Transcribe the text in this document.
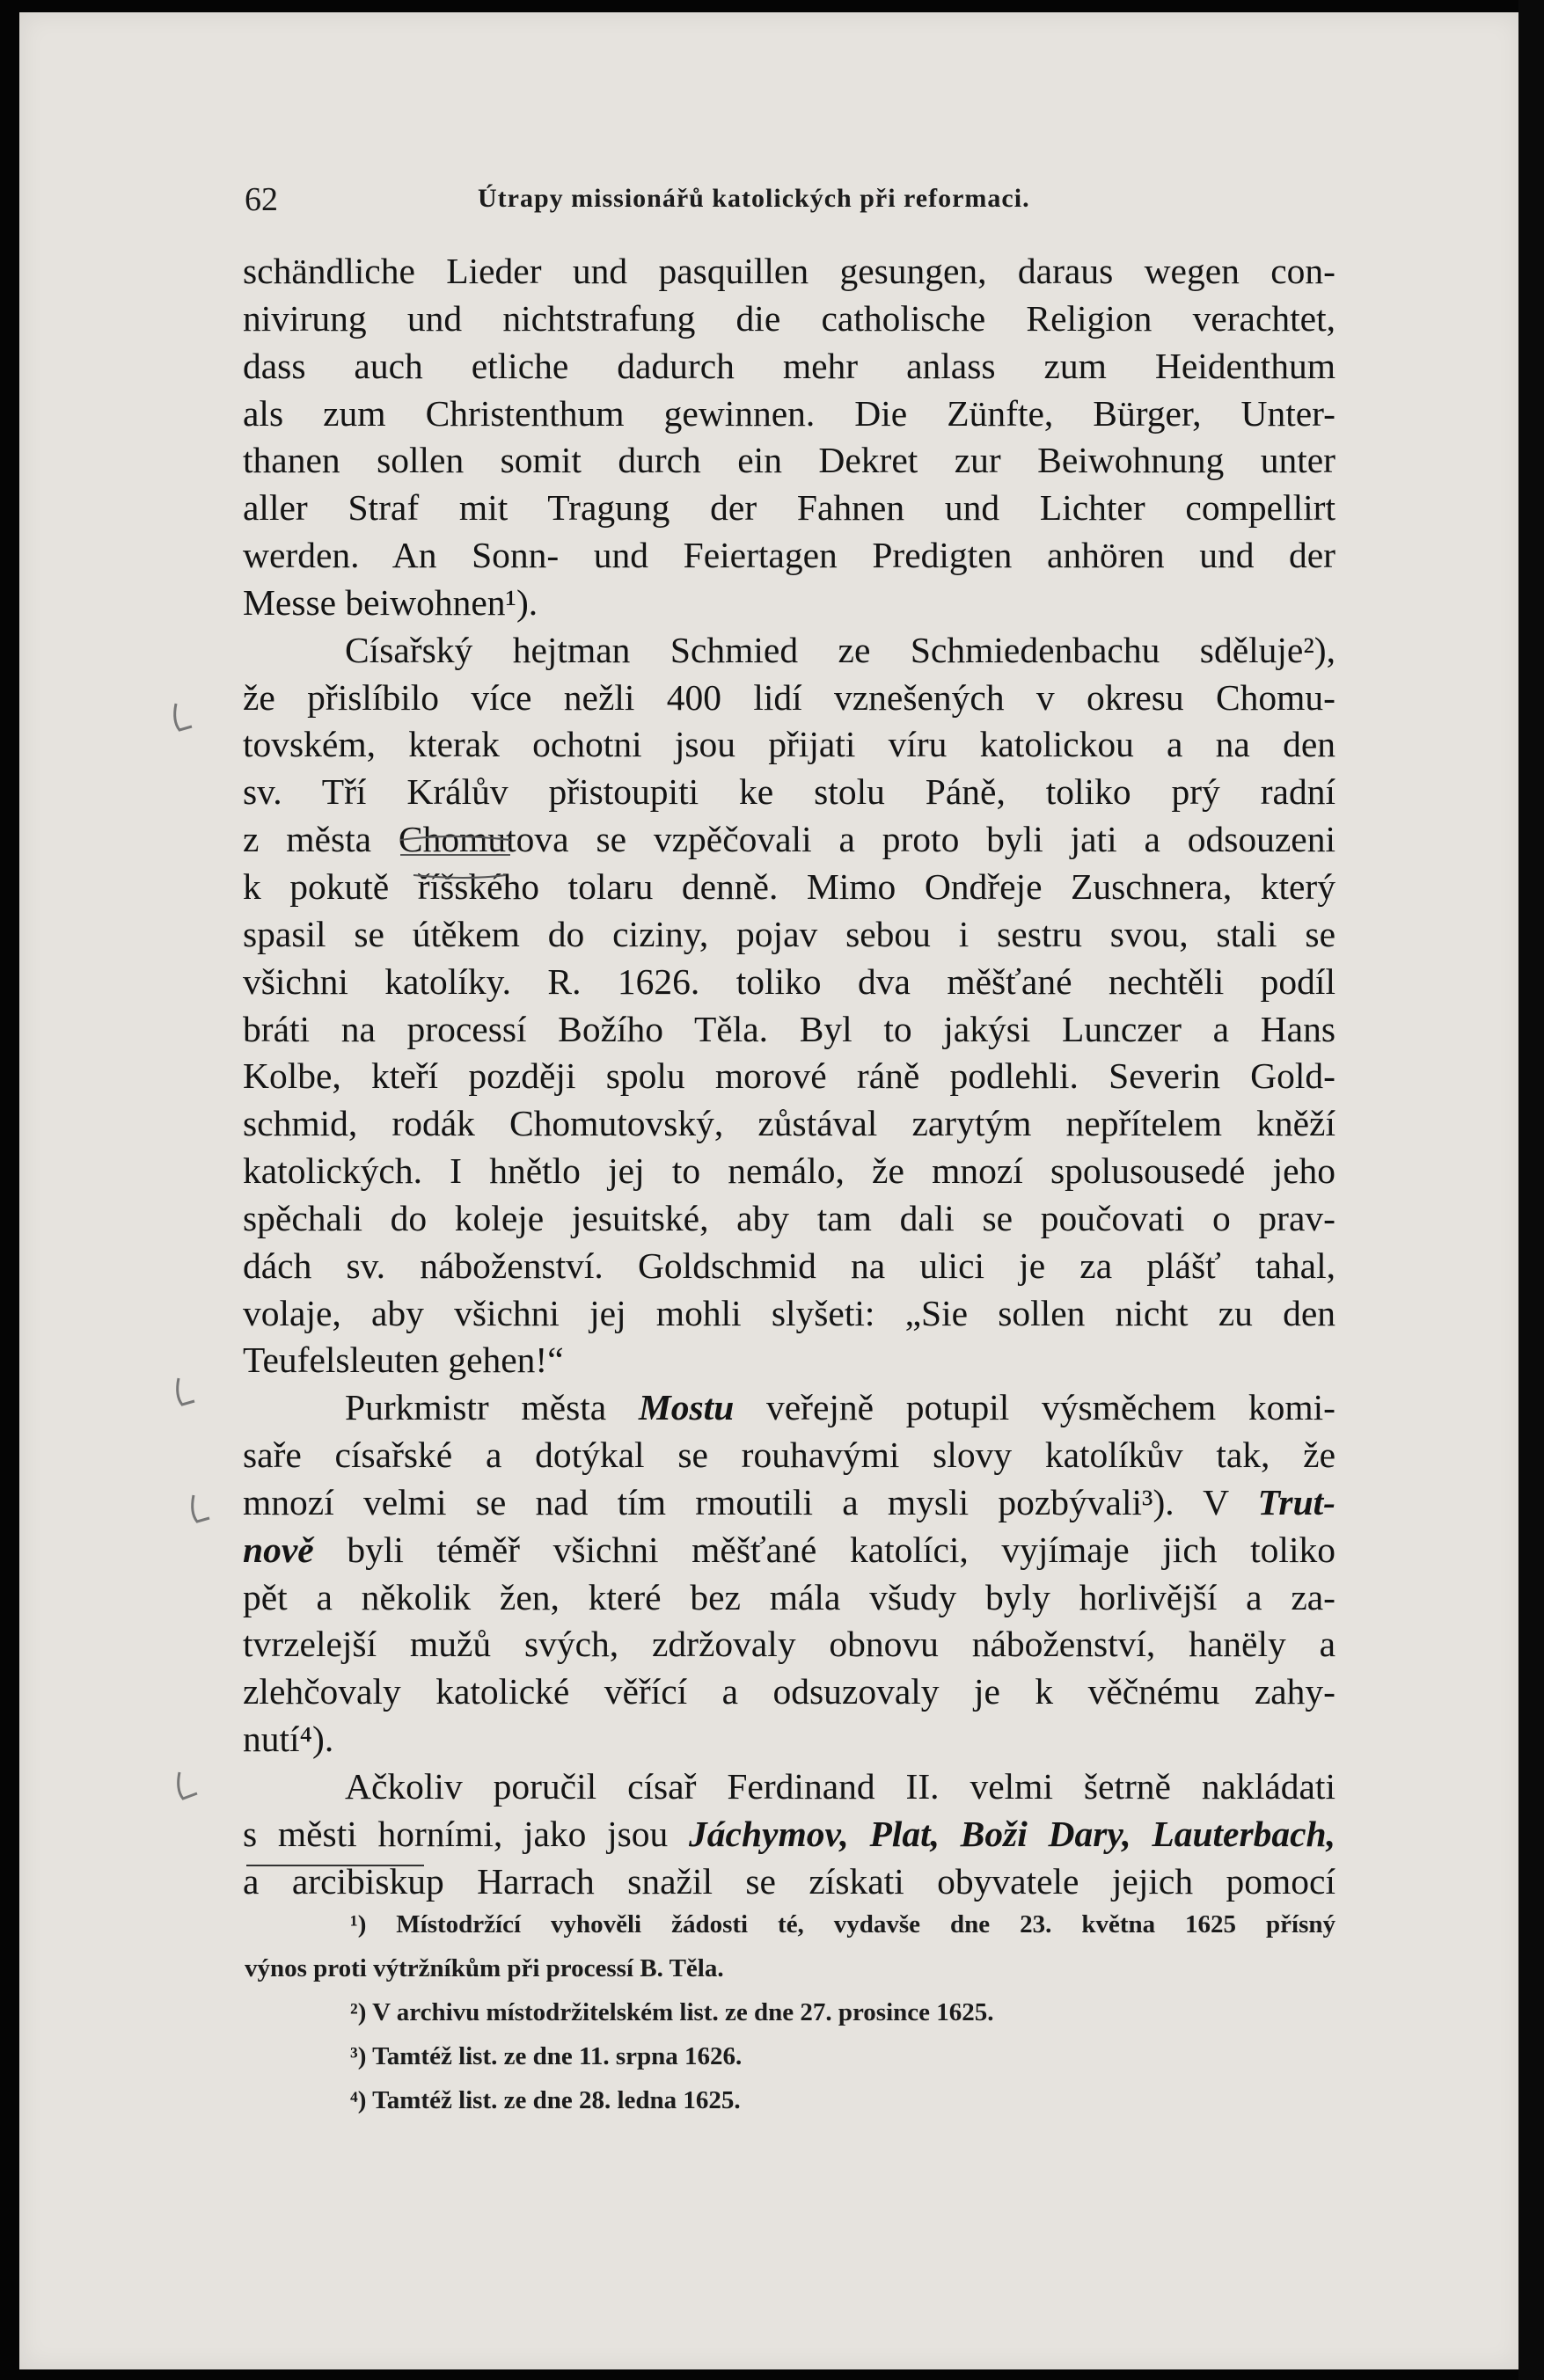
62	Útrapy missionářů katolických při reformaci.
schändliche Lieder und pasquillen gesungen, daraus wegen con-
nivirung und nichtstrafung die catholische Religion verachtet,
dass auch etliche dadurch mehr anlass zum Heidenthum
als zum Christenthum gewinnen. Die Zünfte, Bürger, Unter-
thanen sollen somit durch ein Dekret zur Beiwohnung unter
aller Straf mit Tragung der Fahnen und Lichter compellirt
werden. An Sonn- und Feiertagen Predigten anhören und der
Messe beiwohnen¹).
Císařský hejtman Schmied ze Schmiedenbachu sděluje²),
že přislíbilo více nežli 400 lidí vznešených v okresu Chomu-
tovském, kterak ochotni jsou přijati víru katolickou a na den
sv. Tří Králův přistoupiti ke stolu Páně, toliko prý radní
z města Chomutova se vzpěčovali a proto byli jati a odsouzeni
k pokutě říšského tolaru denně. Mimo Ondřeje Zuschnera, který
spasil se útěkem do ciziny, pojav sebou i sestru svou, stali se
všichni katolíky. R. 1626. toliko dva měšťané nechtěli podíl
bráti na processí Božího Těla. Byl to jakýsi Lunczer a Hans
Kolbe, kteří později spolu morové ráně podlehli. Severin Gold-
schmid, rodák Chomutovský, zůstával zarytým nepřítelem kněží
katolických. I hnětlo jej to nemálo, že mnozí spolusousedé jeho
spěchali do koleje jesuitské, aby tam dali se poučovati o prav-
dách sv. náboženství. Goldschmid na ulici je za plášť tahal,
volaje, aby všichni jej mohli slyšeti: „Sie sollen nicht zu den
Teufelsleuten gehen!“
Purkmistr města Mostu veřejně potupil výsměchem komi-
saře císařské a dotýkal se rouhavými slovy katolíkův tak, že
mnozí velmi se nad tím rmoutili a mysli pozbývali³). V Trut-
nově byli téměř všichni měšťané katolíci, vyjímaje jich toliko
pět a několik žen, které bez mála všudy byly horlivější a za-
tvrzelejší mužů svých, zdržovaly obnovu náboženství, hanëly a
zlehčovaly katolické věřící a odsuzovaly je k věčnému zahy-
nutí⁴).
Ačkoliv poručil císař Ferdinand II. velmi šetrně nakládati
s městi horními, jako jsou Jáchymov, Plat, Boži Dary, Lauterbach,
a arcibiskup Harrach snažil se získati obyvatele jejich pomocí
¹) Místodržící vyhověli žádosti té, vydavše dne 23. května 1625 přísný
výnos proti výtržníkům při processí B. Těla.
²) V archivu místodržitelském list. ze dne 27. prosince 1625.
³) Tamtéž list. ze dne 11. srpna 1626.
⁴) Tamtéž list. ze dne 28. ledna 1625.
